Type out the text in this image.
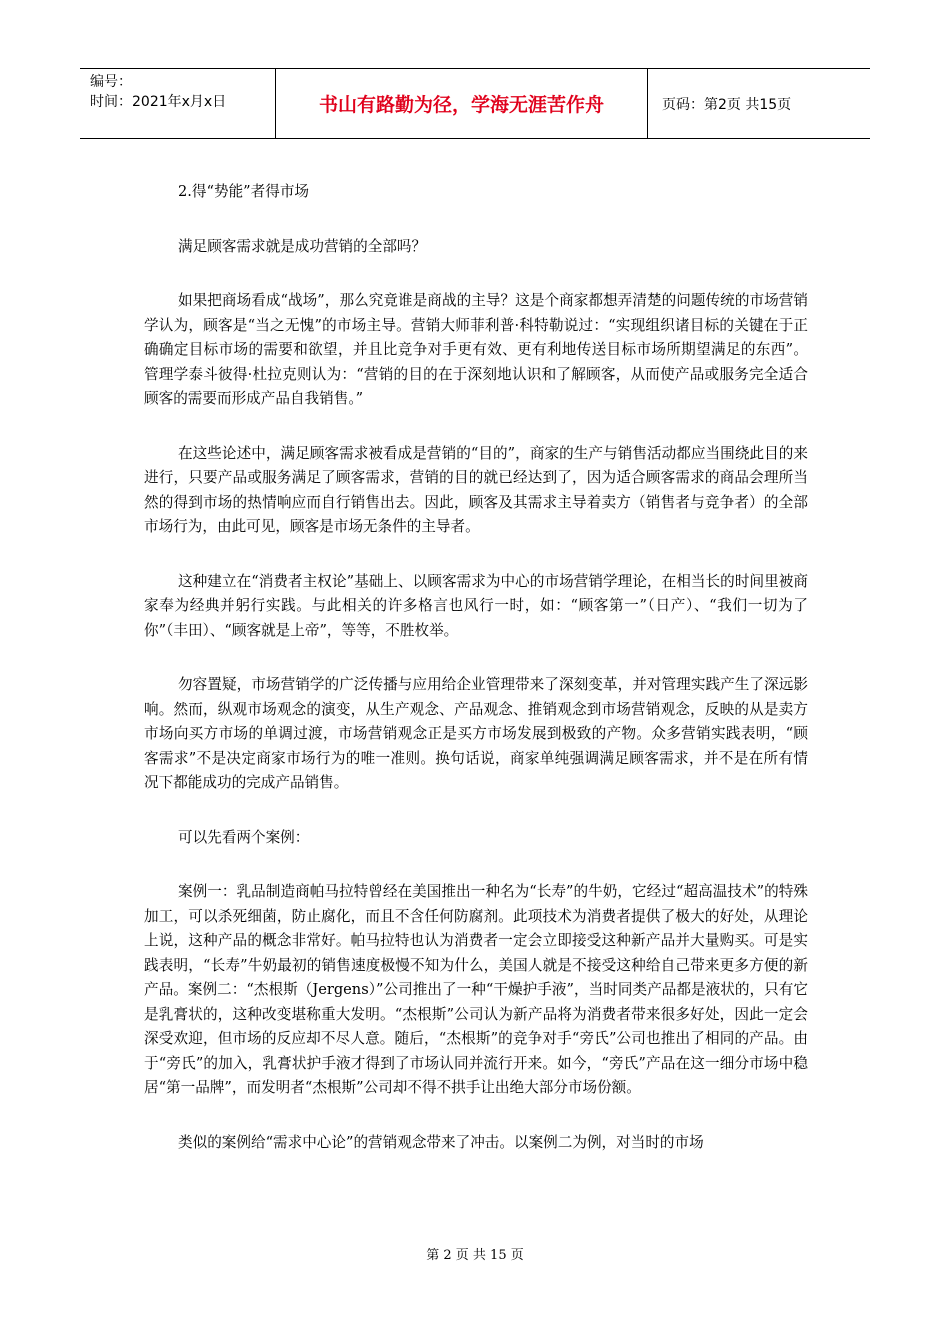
编号：
时间：2021年x月x日	书山有路勤为径，学海无涯苦作舟	页码：第2页 共15页

2.得“势能”者得市场

满足顾客需求就是成功营销的全部吗？

如果把商场看成“战场”，那么究竟谁是商战的主导？这是个商家都想弄清楚的问题传统的市场营销学认为，顾客是“当之无愧”的市场主导。营销大师菲利普·科特勒说过：“实现组织诸目标的关键在于正确确定目标市场的需要和欲望，并且比竞争对手更有效、更有利地传送目标市场所期望满足的东西”。管理学泰斗彼得·杜拉克则认为：“营销的目的在于深刻地认识和了解顾客，从而使产品或服务完全适合顾客的需要而形成产品自我销售。”

在这些论述中，满足顾客需求被看成是营销的“目的”，商家的生产与销售活动都应当围绕此目的来进行，只要产品或服务满足了顾客需求，营销的目的就已经达到了，因为适合顾客需求的商品会理所当然的得到市场的热情响应而自行销售出去。因此，顾客及其需求主导着卖方（销售者与竞争者）的全部市场行为，由此可见，顾客是市场无条件的主导者。

这种建立在“消费者主权论”基础上、以顾客需求为中心的市场营销学理论，在相当长的时间里被商家奉为经典并躬行实践。与此相关的许多格言也风行一时，如：“顾客第一”（日产）、“我们一切为了你”（丰田）、“顾客就是上帝”，等等，不胜枚举。

勿容置疑，市场营销学的广泛传播与应用给企业管理带来了深刻变革，并对管理实践产生了深远影响。然而，纵观市场观念的演变，从生产观念、产品观念、推销观念到市场营销观念，反映的从是卖方市场向买方市场的单调过渡，市场营销观念正是买方市场发展到极致的产物。众多营销实践表明，“顾客需求”不是决定商家市场行为的唯一准则。换句话说，商家单纯强调满足顾客需求，并不是在所有情况下都能成功的完成产品销售。

可以先看两个案例：

案例一：乳品制造商帕马拉特曾经在美国推出一种名为“长寿”的牛奶，它经过“超高温技术”的特殊加工，可以杀死细菌，防止腐化，而且不含任何防腐剂。此项技术为消费者提供了极大的好处，从理论上说，这种产品的概念非常好。帕马拉特也认为消费者一定会立即接受这种新产品并大量购买。可是实践表明，“长寿”牛奶最初的销售速度极慢不知为什么，美国人就是不接受这种给自己带来更多方便的新产品。案例二：“杰根斯（Jergens）”公司推出了一种“干燥护手液”，当时同类产品都是液状的，只有它是乳膏状的，这种改变堪称重大发明。“杰根斯”公司认为新产品将为消费者带来很多好处，因此一定会深受欢迎，但市场的反应却不尽人意。随后，“杰根斯”的竞争对手“旁氏”公司也推出了相同的产品。由于“旁氏”的加入，乳膏状护手液才得到了市场认同并流行开来。如今，“旁氏”产品在这一细分市场中稳居“第一品牌”，而发明者“杰根斯”公司却不得不拱手让出绝大部分市场份额。

类似的案例给“需求中心论”的营销观念带来了冲击。以案例二为例，对当时的市场

第 2 页 共 15 页
